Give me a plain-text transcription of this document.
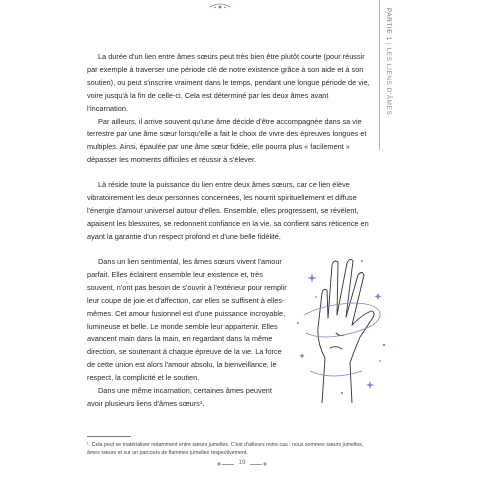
PARTIE 1 | LES LIENS D'ÂMES

La durée d'un lien entre âmes sœurs peut très bien être plutôt courte (pour réussir par exemple à traverser une période clé de notre existence grâce à son aide et à son soutien), ou peut s'inscrire vraiment dans le temps, pendant une longue période de vie, voire jusqu'à la fin de celle-ci. Cela est déterminé par les deux âmes avant l'incarnation.

Par ailleurs, il arrive souvent qu'une âme décide d'être accompagnée dans sa vie terrestre par une âme sœur lorsqu'elle a fait le choix de vivre des épreuves longues et multiples. Ainsi, épaulée par une âme sœur fidèle, elle pourra plus « facilement » dépasser les moments difficiles et réussir à s'élever.

Là réside toute la puissance du lien entre deux âmes sœurs, car ce lien élève vibratoirement les deux personnes concernées, les nourrit spirituellement et diffuse l'énergie d'amour universel autour d'elles. Ensemble, elles progressent, se révèlent, apaisent les blessures, se redonnent confiance en la vie, sa confient sans réticence en ayant la garantie d'un respect profond et d'une belle fidélité.

Dans un lien sentimental, les âmes sœurs vivent l'amour parfait. Elles éclairent ensemble leur existence et, très souvent, n'ont pas besoin de s'ouvrir à l'extérieur pour remplir leur coupe de joie et d'affection, car elles se suffisent à elles-mêmes. Cet amour fusionnel est d'une puissance incroyable, lumineuse et belle. Le monde semble leur appartenir. Elles avancent main dans la main, en regardant dans la même direction, se soutenant à chaque épreuve de la vie. La force de cette union est alors l'amour absolu, la bienveillance, le respect, la complicité et le soutien.

Dans une même incarnation, certaines âmes peuvent avoir plusieurs liens d'âmes sœurs¹.

¹. Cela peut se matérialiser notamment entre sœurs jumelles. C'est d'ailleurs notre cas : nous sommes sœurs jumelles, âmes sœurs et sur un parcours de flammes jumelles respectivement.

19
